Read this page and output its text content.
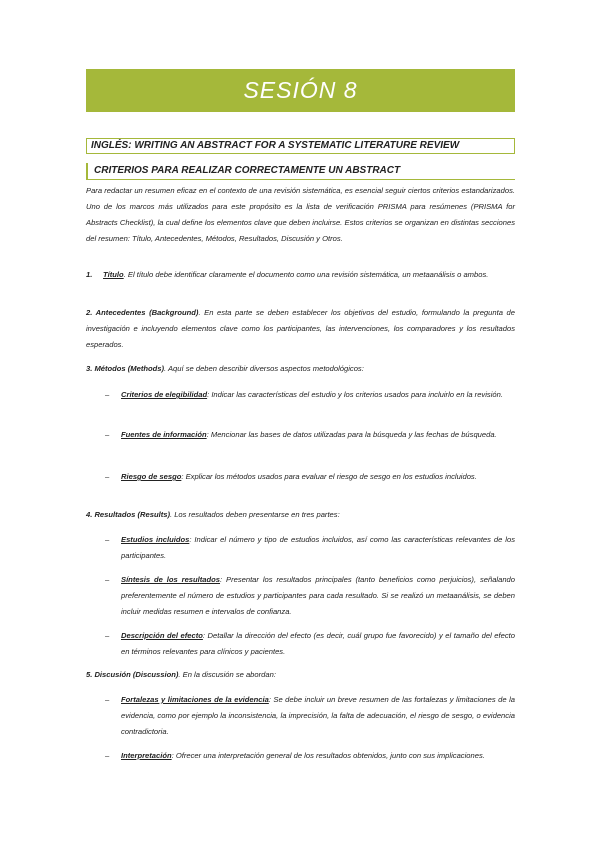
SESIÓN 8
INGLÉS: WRITING AN ABSTRACT FOR A SYSTEMATIC LITERATURE REVIEW
CRITERIOS PARA REALIZAR CORRECTAMENTE UN ABSTRACT
Para redactar un resumen eficaz en el contexto de una revisión sistemática, es esencial seguir ciertos criterios estandarizados. Uno de los marcos más utilizados para este propósito es la lista de verificación PRISMA para resúmenes (PRISMA for Abstracts Checklist), la cual define los elementos clave que deben incluirse. Estos criterios se organizan en distintas secciones del resumen: Título, Antecedentes, Métodos, Resultados, Discusión y Otros.
1. Título. El título debe identificar claramente el documento como una revisión sistemática, un metaanálisis o ambos.
2. Antecedentes (Background). En esta parte se deben establecer los objetivos del estudio, formulando la pregunta de investigación e incluyendo elementos clave como los participantes, las intervenciones, los comparadores y los resultados esperados.
3. Métodos (Methods). Aquí se deben describir diversos aspectos metodológicos:
– Criterios de elegibilidad: Indicar las características del estudio y los criterios usados para incluirlo en la revisión.
– Fuentes de información: Mencionar las bases de datos utilizadas para la búsqueda y las fechas de búsqueda.
– Riesgo de sesgo: Explicar los métodos usados para evaluar el riesgo de sesgo en los estudios incluidos.
4. Resultados (Results). Los resultados deben presentarse en tres partes:
– Estudios incluidos: Indicar el número y tipo de estudios incluidos, así como las características relevantes de los participantes.
– Síntesis de los resultados: Presentar los resultados principales (tanto beneficios como perjuicios), señalando preferentemente el número de estudios y participantes para cada resultado. Si se realizó un metaanálisis, se deben incluir medidas resumen e intervalos de confianza.
– Descripción del efecto: Detallar la dirección del efecto (es decir, cuál grupo fue favorecido) y el tamaño del efecto en términos relevantes para clínicos y pacientes.
5. Discusión (Discussion). En la discusión se abordan:
– Fortalezas y limitaciones de la evidencia: Se debe incluir un breve resumen de las fortalezas y limitaciones de la evidencia, como por ejemplo la inconsistencia, la imprecisión, la falta de adecuación, el riesgo de sesgo, o evidencia contradictoria.
– Interpretación: Ofrecer una interpretación general de los resultados obtenidos, junto con sus implicaciones.
